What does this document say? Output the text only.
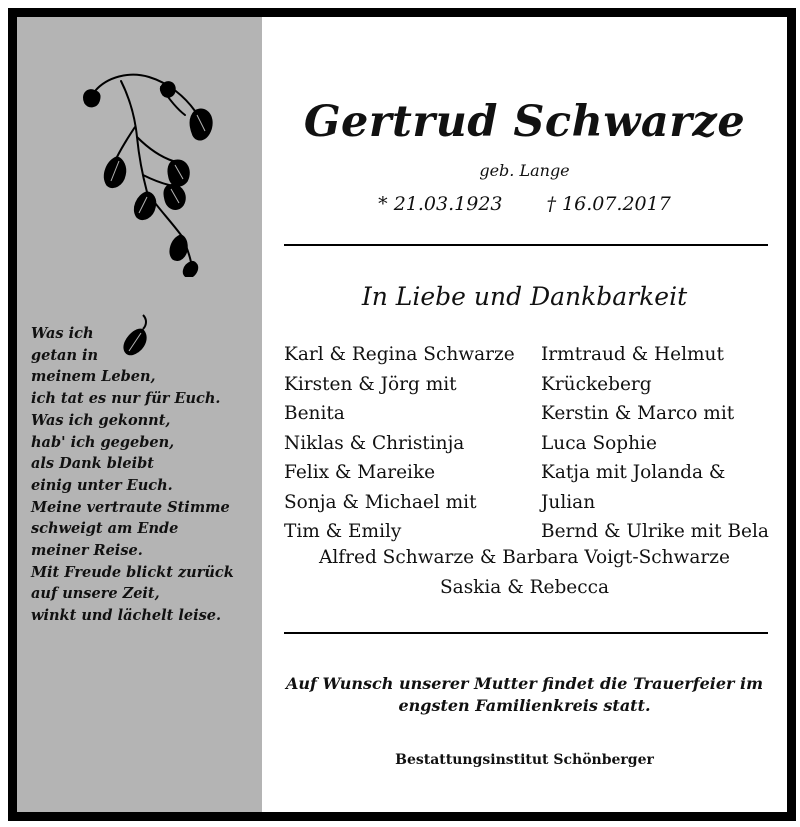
Was ich
getan in
meinem Leben,
ich tat es nur für Euch.
Was ich gekonnt,
hab' ich gegeben,
als Dank bleibt
einig unter Euch.
Meine vertraute Stimme
schweigt am Ende
meiner Reise.
Mit Freude blickt zurück
auf unsere Zeit,
winkt und lächelt leise.
Gertrud Schwarze
geb. Lange
* 21.03.1923 † 16.07.2017
In Liebe und Dankbarkeit
Karl & Regina Schwarze
Kirsten & Jörg mit
Benita
Niklas & Christinja
Felix & Mareike
Sonja & Michael mit
Tim & Emily
Irmtraud & Helmut
Krückeberg
Kerstin & Marco mit
Luca Sophie
Katja mit Jolanda &
Julian
Bernd & Ulrike mit Bela
Alfred Schwarze & Barbara Voigt-Schwarze
Saskia & Rebecca
Auf Wunsch unserer Mutter findet die Trauerfeier im
engsten Familienkreis statt.
Bestattungsinstitut Schönberger
